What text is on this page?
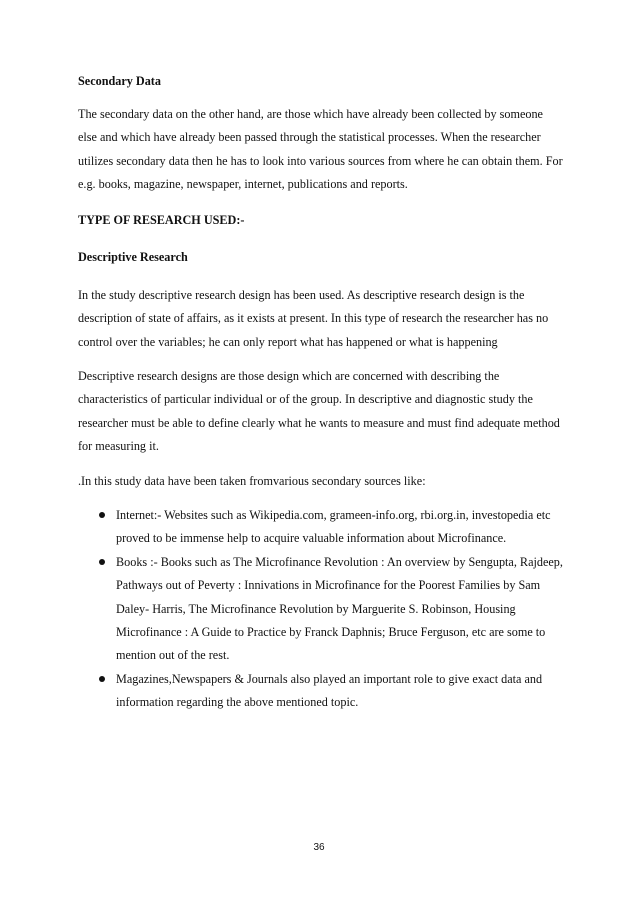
Secondary Data

The secondary data on the other hand, are those which have already been collected by someone else and which have already been passed through the statistical processes. When the researcher utilizes secondary data then he has to look into various sources from where he can obtain them. For e.g. books, magazine, newspaper, internet, publications and reports.

TYPE OF RESEARCH USED:-
Descriptive Research

In the study descriptive research design has been used. As descriptive research design is the description of state of affairs, as it exists at present. In this type of research the researcher has no control over the variables; he can only report what has happened or what is happening

Descriptive research designs are those design which are concerned with describing the characteristics of particular individual or of the group. In descriptive and diagnostic study the researcher must be able to define clearly what he wants to measure and must find adequate method for measuring it.

.In this study data have been taken fromvarious secondary sources like:

Internet:- Websites such as Wikipedia.com, grameen-info.org, rbi.org.in, investopedia etc proved to be immense help to acquire valuable information about Microfinance.
Books :- Books such as The Microfinance Revolution : An overview by Sengupta, Rajdeep, Pathways out of Peverty : Innivations in Microfinance for the Poorest Families by Sam Daley- Harris, The Microfinance Revolution by Marguerite S. Robinson, Housing Microfinance : A Guide to Practice by Franck Daphnis; Bruce Ferguson, etc are some to mention out of the rest.
Magazines,Newspapers & Journals also played an important role to give exact data and information regarding the above mentioned topic.
36
